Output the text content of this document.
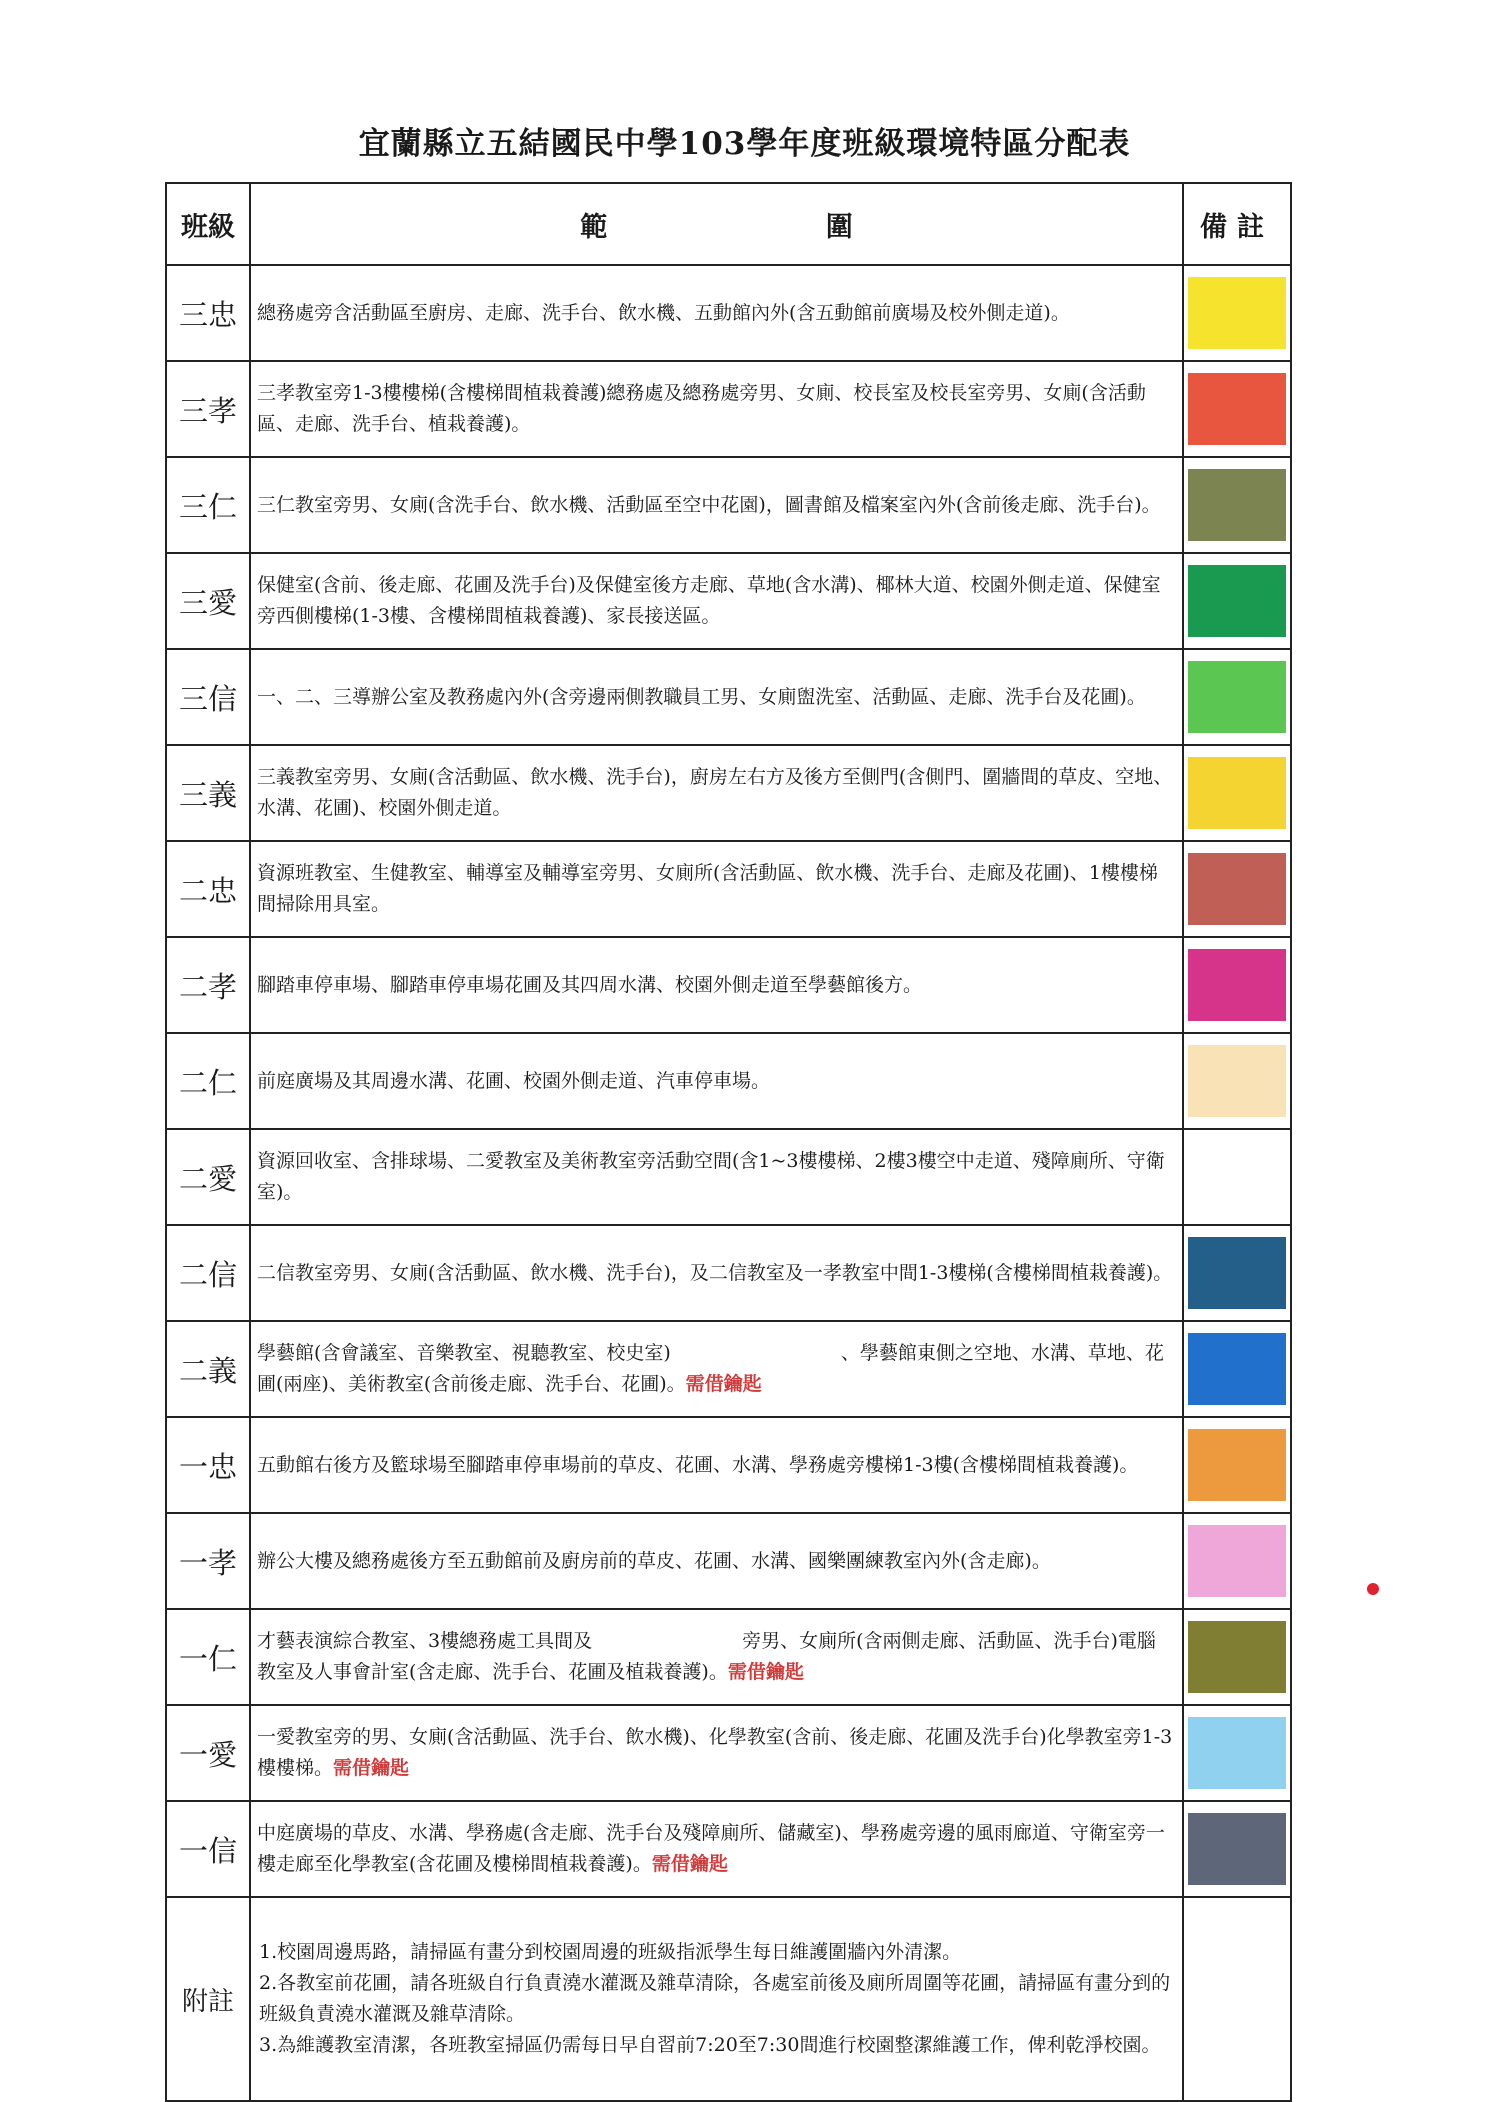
宜蘭縣立五結國民中學103學年度班級環境特區分配表
班級	範 圍	備註
三忠	總務處旁含活動區至廚房、走廊、洗手台、飲水機、五動館內外(含五動館前廣場及校外側走道)。	

三孝	三孝教室旁1-3樓樓梯(含樓梯間植栽養護)總務處及總務處旁男、女廁、校長室及校長室旁男、女廁(含活動區、走廊、洗手台、植栽養護)。	

三仁	三仁教室旁男、女廁(含洗手台、飲水機、活動區至空中花園)，圖書館及檔案室內外(含前後走廊、洗手台)。	

三愛	保健室(含前、後走廊、花圃及洗手台)及保健室後方走廊、草地(含水溝)、椰林大道、校園外側走道、保健室旁西側樓梯(1-3樓、含樓梯間植栽養護)、家長接送區。	

三信	一、二、三導辦公室及教務處內外(含旁邊兩側教職員工男、女廁盥洗室、活動區、走廊、洗手台及花圃)。	

三義	三義教室旁男、女廁(含活動區、飲水機、洗手台)，廚房左右方及後方至側門(含側門、圍牆間的草皮、空地、水溝、花圃)、校園外側走道。	

二忠	資源班教室、生健教室、輔導室及輔導室旁男、女廁所(含活動區、飲水機、洗手台、走廊及花圃)、1樓樓梯間掃除用具室。	

二孝	腳踏車停車場、腳踏車停車場花圃及其四周水溝、校園外側走道至學藝館後方。	

二仁	前庭廣場及其周邊水溝、花圃、校園外側走道、汽車停車場。	

二愛	資源回收室、含排球場、二愛教室及美術教室旁活動空間(含1~3樓樓梯、2樓3樓空中走道、殘障廁所、守衛室)。	

二信	二信教室旁男、女廁(含活動區、飲水機、洗手台)，及二信教室及一孝教室中間1-3樓梯(含樓梯間植栽養護)。	

二義	學藝館(含會議室、音樂教室、視聽教室、校史室) 、學藝館東側之空地、水溝、草地、花圃(兩座)、美術教室(含前後走廊、洗手台、花圃)。需借鑰匙	

一忠	五動館右後方及籃球場至腳踏車停車場前的草皮、花圃、水溝、學務處旁樓梯1-3樓(含樓梯間植栽養護)。	

一孝	辦公大樓及總務處後方至五動館前及廚房前的草皮、花圃、水溝、國樂團練教室內外(含走廊)。	

一仁	才藝表演綜合教室、3樓總務處工具間及 旁男、女廁所(含兩側走廊、活動區、洗手台)電腦教室及人事會計室(含走廊、洗手台、花圃及植栽養護)。需借鑰匙	

一愛	一愛教室旁的男、女廁(含活動區、洗手台、飲水機)、化學教室(含前、後走廊、花圃及洗手台)化學教室旁1-3樓樓梯。需借鑰匙	

一信	中庭廣場的草皮、水溝、學務處(含走廊、洗手台及殘障廁所、儲藏室)、學務處旁邊的風雨廊道、守衛室旁一樓走廊至化學教室(含花圃及樓梯間植栽養護)。需借鑰匙	

附註	1.校園周邊馬路，請掃區有畫分到校園周邊的班級指派學生每日維護圍牆內外清潔。
2.各教室前花圃，請各班級自行負責澆水灌溉及雜草清除，各處室前後及廁所周圍等花圃，請掃區有畫分到的班級負責澆水灌溉及雜草清除。
3.為維護教室清潔，各班教室掃區仍需每日早自習前7:20至7:30間進行校園整潔維護工作，俾利乾淨校園。	
